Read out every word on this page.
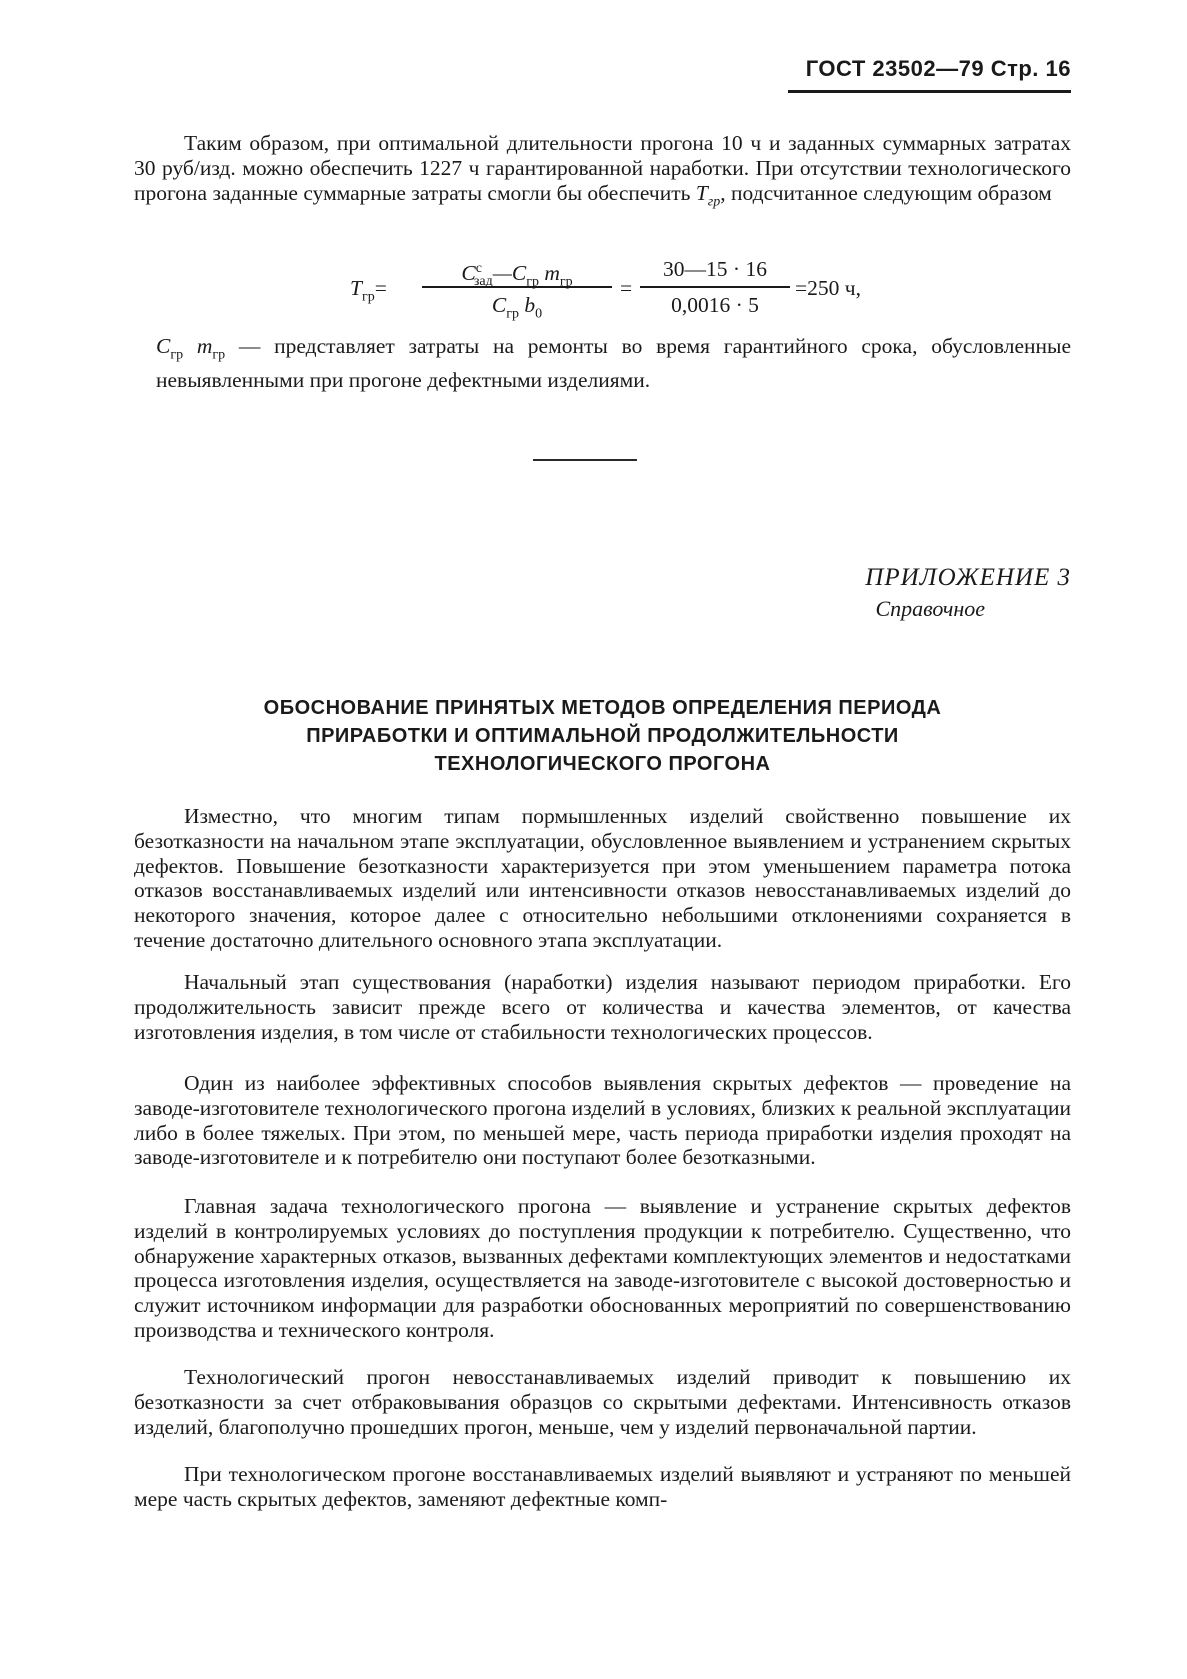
ГОСТ 23502—79 Стр. 16

Таким образом, при оптимальной длительности прогона 10 ч и заданных суммарных затратах 30 руб/изд. можно обеспечить 1227 ч гарантированной наработки. При отсутствии технологического прогона заданные суммарные затраты смогли бы обеспечить $T_{гр}$, подсчитанное следующим образом

$T_{гр}=$
$C^с_{зад}—C_{гр}$ $m_{гр}$
$C_{гр}$ $b_0$
=
30—15 · 16
0,0016 · 5
=250 ч,

$C_{гр}$ $m_{гр}$ — представляет затраты на ремонты во время гарантийного срока, обусловленные невыявленными при прогоне дефектными изделиями.

ПРИЛОЖЕНИЕ 3
Справочное
ОБОСНОВАНИЕ ПРИНЯТЫХ МЕТОДОВ ОПРЕДЕЛЕНИЯ ПЕРИОДА
ПРИРАБОТКИ И ОПТИМАЛЬНОЙ ПРОДОЛЖИТЕЛЬНОСТИ
ТЕХНОЛОГИЧЕСКОГО ПРОГОНА

Изместно, что многим типам пормышленных изделий свойственно повышение их безотказности на начальном этапе эксплуатации, обусловленное выявлением и устранением скрытых дефектов. Повышение безотказности характеризуется при этом уменьшением параметра потока отказов восстанавливаемых изделий или интенсивности отказов невосстанавливаемых изделий до некоторого значения, которое далее с относительно небольшими отклонениями сохраняется в течение достаточно длительного основного этапа эксплуатации.

Начальный этап существования (наработки) изделия называют периодом приработки. Его продолжительность зависит прежде всего от количества и качества элементов, от качества изготовления изделия, в том числе от стабильности технологических процессов.

Один из наиболее эффективных способов выявления скрытых дефектов — проведение на заводе-изготовителе технологического прогона изделий в условиях, близких к реальной эксплуатации либо в более тяжелых. При этом, по меньшей мере, часть периода приработки изделия проходят на заводе-изготовителе и к потребителю они поступают более безотказными.

Главная задача технологического прогона — выявление и устранение скрытых дефектов изделий в контролируемых условиях до поступления продукции к потребителю. Существенно, что обнаружение характерных отказов, вызванных дефектами комплектующих элементов и недостатками процесса изготовления изделия, осуществляется на заводе-изготовителе с высокой достоверностью и служит источником информации для разработки обоснованных мероприятий по совершенствованию производства и технического контроля.

Технологический прогон невосстанавливаемых изделий приводит к повышению их безотказности за счет отбраковывания образцов со скрытыми дефектами. Интенсивность отказов изделий, благополучно прошедших прогон, меньше, чем у изделий первоначальной партии.

При технологическом прогоне восстанавливаемых изделий выявляют и устраняют по меньшей мере часть скрытых дефектов, заменяют дефектные комп-
